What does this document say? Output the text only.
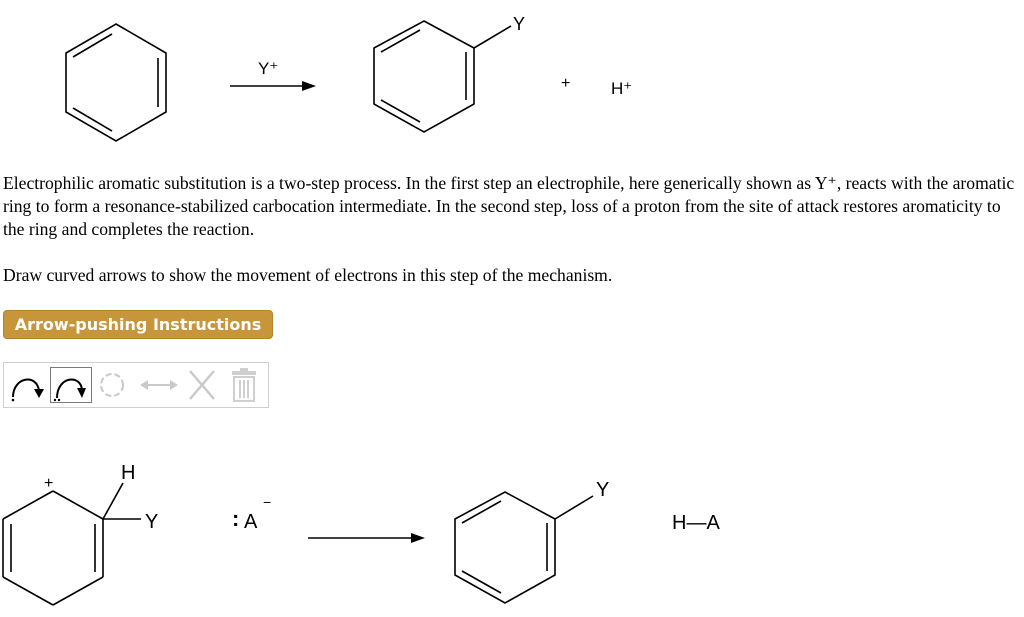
Y⁺
Y
+ H⁺

Electrophilic aromatic substitution is a two-step process. In the first step an electrophile, here generically shown as Y⁺, reacts with the aromatic ring to form a resonance-stabilized carbocation intermediate. In the second step, loss of a proton from the site of attack restores aromaticity to the ring and completes the reaction.

Draw curved arrows to show the movement of electrons in this step of the mechanism.

Arrow-pushing Instructions
+	H
Y	: A
−
Y
H—A
